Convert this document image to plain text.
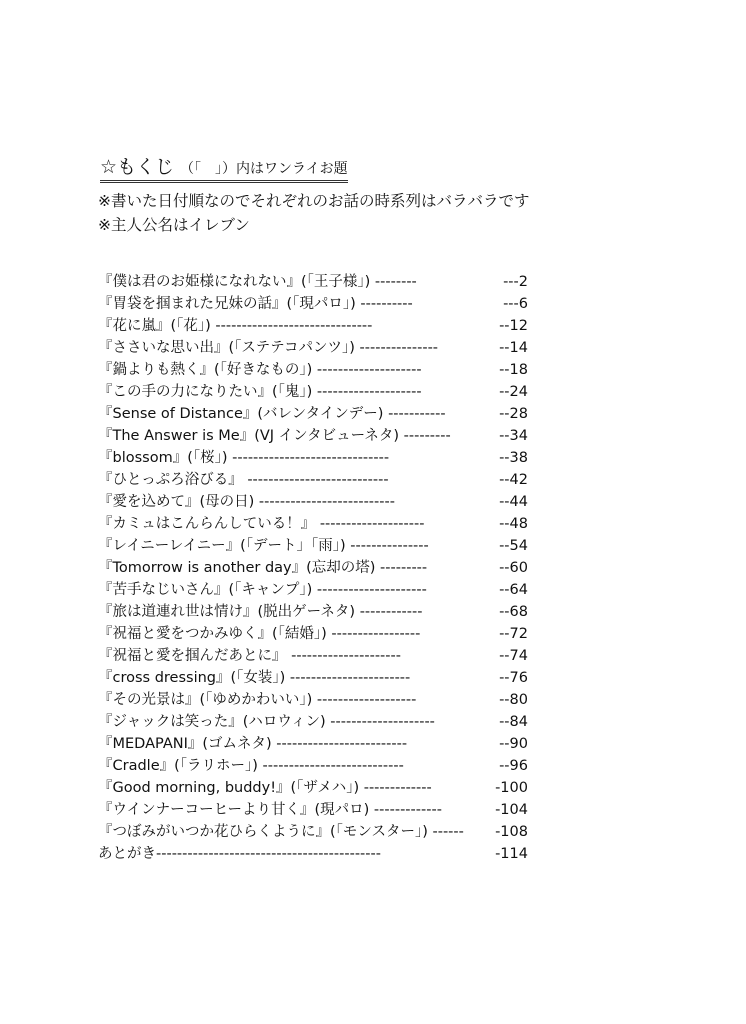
☆もくじ （「　」）内はワンライお題
※書いた日付順なのでそれぞれのお話の時系列はバラバラです
※主人公名はイレブン
『僕は君のお姫様になれない』(「王子様」) --------	---2
『胃袋を掴まれた兄妹の話』(「現パロ」) ----------	---6
『花に嵐』(「花」) ------------------------------	--12
『ささいな思い出』(「ステテコパンツ」) ---------------	--14
『鍋よりも熱く』(「好きなもの」) --------------------	--18
『この手の力になりたい』(「鬼」) --------------------	--24
『Sense of Distance』(バレンタインデー) -----------	--28
『The Answer is Me』(VJ インタビューネタ) ---------	--34
『blossom』(「桜」) ------------------------------	--38
『ひとっぷろ浴びる』 ---------------------------	--42
『愛を込めて』(母の日) --------------------------	--44
『カミュはこんらんしている！』 --------------------	--48
『レイニーレイニー』(「デート」「雨」) ---------------	--54
『Tomorrow is another day』(忘却の塔) ---------	--60
『苦手なじいさん』(「キャンプ」) ---------------------	--64
『旅は道連れ世は情け』(脱出ゲーネタ) ------------	--68
『祝福と愛をつかみゆく』(「結婚」) -----------------	--72
『祝福と愛を掴んだあとに』 ---------------------	--74
『cross dressing』(「女装」) -----------------------	--76
『その光景は』(「ゆめかわいい」) -------------------	--80
『ジャックは笑った』(ハロウィン) --------------------	--84
『MEDAPANI』(ゴムネタ) -------------------------	--90
『Cradle』(「ラリホー」) ---------------------------	--96
『Good morning, buddy!』(「ザメハ」) -------------	-100
『ウインナーコーヒーより甘く』(現パロ) -------------	-104
『つぼみがいつか花ひらくように』(「モンスター」) ------	-108
あとがき-------------------------------------------	-114
